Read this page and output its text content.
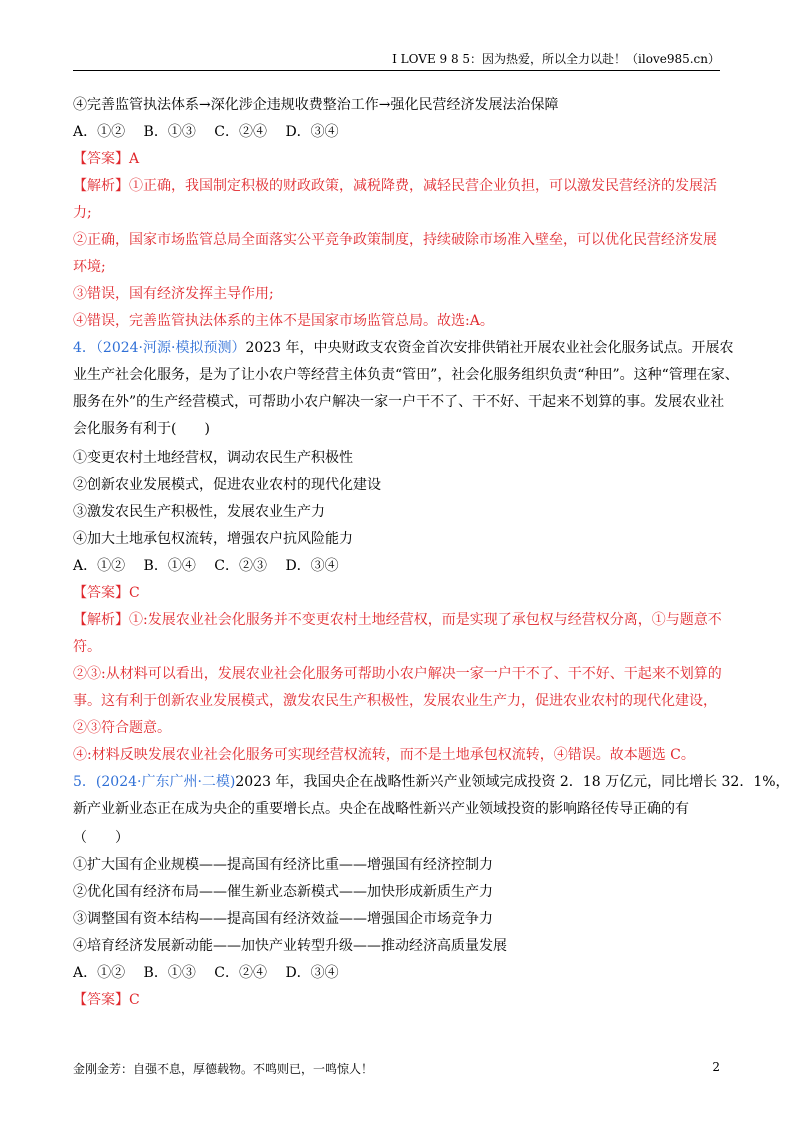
I LOVE 9 8 5：因为热爱，所以全力以赴！（ilove985.cn）
④完善监管执法体系→深化涉企违规收费整治工作→强化民营经济发展法治保障
A．①②　 B．①③　 C．②④　 D．③④
【答案】A
【解析】①正确，我国制定积极的财政政策，减税降费，减轻民营企业负担，可以激发民营经济的发展活
力;
②正确，国家市场监管总局全面落实公平竞争政策制度，持续破除市场准入壁垒，可以优化民营经济发展
环境;
③错误，国有经济发挥主导作用;
④错误，完善监管执法体系的主体不是国家市场监管总局。故选:A。
4．（2024·河源·模拟预测）2023 年，中央财政支农资金首次安排供销社开展农业社会化服务试点。开展农
业生产社会化服务，是为了让小农户等经营主体负责“管田”，社会化服务组织负责“种田”。这种“管理在家、
服务在外”的生产经营模式，可帮助小农户解决一家一户干不了、干不好、干起来不划算的事。发展农业社
会化服务有利于(　　)
①变更农村土地经营权，调动农民生产积极性
②创新农业发展模式，促进农业农村的现代化建设
③激发农民生产积极性，发展农业生产力
④加大土地承包权流转，增强农户抗风险能力
A．①②　 B．①④　 C．②③　 D．③④
【答案】C
【解析】①:发展农业社会化服务并不变更农村土地经营权，而是实现了承包权与经营权分离，①与题意不
符。
②③:从材料可以看出，发展农业社会化服务可帮助小农户解决一家一户干不了、干不好、干起来不划算的
事。这有利于创新农业发展模式，激发农民生产积极性，发展农业生产力，促进农业农村的现代化建设，
②③符合题意。
④:材料反映发展农业社会化服务可实现经营权流转，而不是土地承包权流转，④错误。故本题选 C。
5．(2024·广东广州·二模)2023 年，我国央企在战略性新兴产业领域完成投资 2．18 万亿元，同比增长 32．1%，
新产业新业态正在成为央企的重要增长点。央企在战略性新兴产业领域投资的影响路径传导正确的有
（　　）
①扩大国有企业规模——提高国有经济比重——增强国有经济控制力
②优化国有经济布局——催生新业态新模式——加快形成新质生产力
③调整国有资本结构——提高国有经济效益——增强国企市场竞争力
④培育经济发展新动能——加快产业转型升级——推动经济高质量发展
A．①②　 B．①③　 C．②④　 D．③④
【答案】C
金刚金芳：自强不息，厚德载物。不鸣则已，一鸣惊人！	2
